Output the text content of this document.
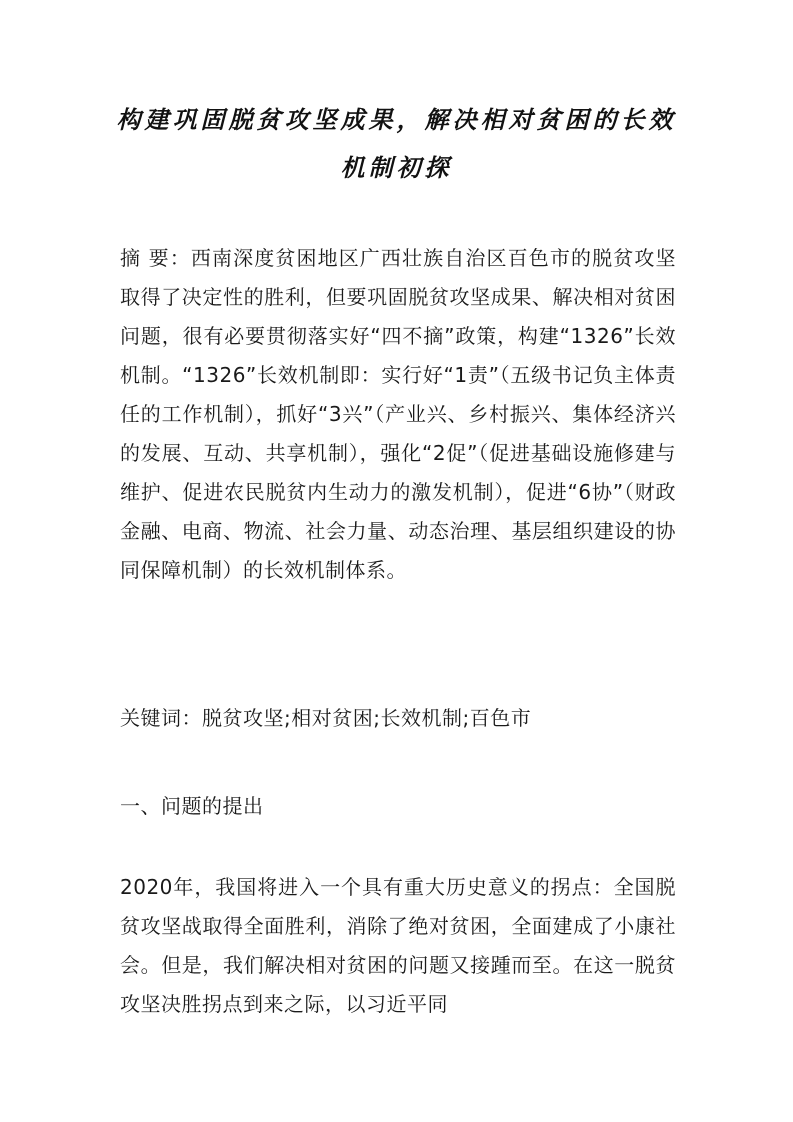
构建巩固脱贫攻坚成果，解决相对贫困的长效机制初探

摘 要：西南深度贫困地区广西壮族自治区百色市的脱贫攻坚取得了决定性的胜利，但要巩固脱贫攻坚成果、解决相对贫困问题，很有必要贯彻落实好“四不摘”政策，构建“1326”长效机制。“1326”长效机制即：实行好“1责”（五级书记负主体责任的工作机制），抓好“3兴”（产业兴、乡村振兴、集体经济兴的发展、互动、共享机制），强化“2促”（促进基础设施修建与维护、促进农民脱贫内生动力的激发机制），促进“6协”（财政金融、电商、物流、社会力量、动态治理、基层组织建设的协同保障机制）的长效机制体系。

关键词：脱贫攻坚;相对贫困;长效机制;百色市

一、问题的提出

2020年，我国将进入一个具有重大历史意义的拐点：全国脱贫攻坚战取得全面胜利，消除了绝对贫困，全面建成了小康社会。但是，我们解决相对贫困的问题又接踵而至。在这一脱贫攻坚决胜拐点到来之际，以习近平同
